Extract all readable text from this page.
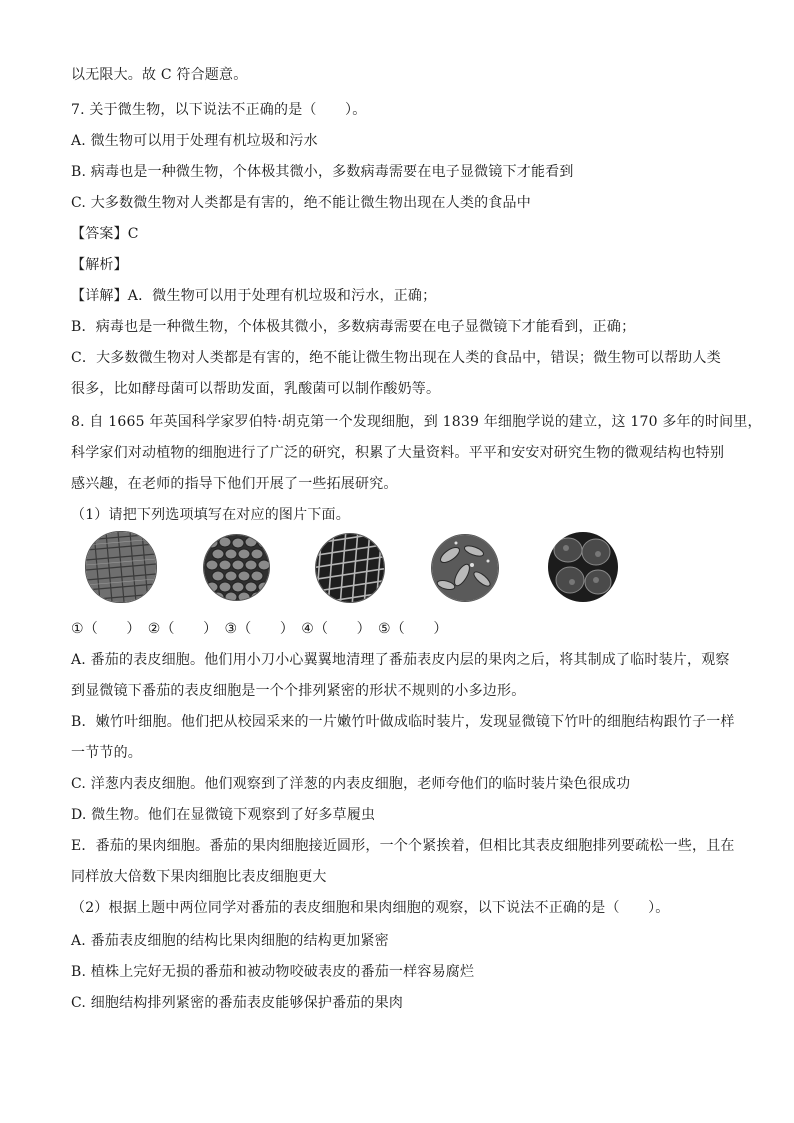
以无限大。故 C 符合题意。
7. 关于微生物，以下说法不正确的是（　　）。
A. 微生物可以用于处理有机垃圾和污水
B. 病毒也是一种微生物，个体极其微小，多数病毒需要在电子显微镜下才能看到
C. 大多数微生物对人类都是有害的，绝不能让微生物出现在人类的食品中
【答案】C
【解析】
【详解】A．微生物可以用于处理有机垃圾和污水，正确；
B．病毒也是一种微生物，个体极其微小，多数病毒需要在电子显微镜下才能看到，正确；
C．大多数微生物对人类都是有害的，绝不能让微生物出现在人类的食品中，错误；微生物可以帮助人类
很多，比如酵母菌可以帮助发面，乳酸菌可以制作酸奶等。
8. 自 1665 年英国科学家罗伯特·胡克第一个发现细胞，到 1839 年细胞学说的建立，这 170 多年的时间里，
科学家们对动植物的细胞进行了广泛的研究，积累了大量资料。平平和安安对研究生物的微观结构也特别
感兴趣，在老师的指导下他们开展了一些拓展研究。
（1）请把下列选项填写在对应的图片下面。
①（　　）　②（　　）　③（　　）　④（　　）　⑤（　　）
A. 番茄的表皮细胞。他们用小刀小心翼翼地清理了番茄表皮内层的果肉之后，将其制成了临时装片，观察
到显微镜下番茄的表皮细胞是一个个排列紧密的形状不规则的小多边形。
B．嫩竹叶细胞。他们把从校园采来的一片嫩竹叶做成临时装片，发现显微镜下竹叶的细胞结构跟竹子一样
一节节的。
C. 洋葱内表皮细胞。他们观察到了洋葱的内表皮细胞，老师夸他们的临时装片染色很成功
D. 微生物。他们在显微镜下观察到了好多草履虫
E．番茄的果肉细胞。番茄的果肉细胞接近圆形，一个个紧挨着，但相比其表皮细胞排列要疏松一些，且在
同样放大倍数下果肉细胞比表皮细胞更大
（2）根据上题中两位同学对番茄的表皮细胞和果肉细胞的观察，以下说法不正确的是（　　）。
A. 番茄表皮细胞的结构比果肉细胞的结构更加紧密
B. 植株上完好无损的番茄和被动物咬破表皮的番茄一样容易腐烂
C. 细胞结构排列紧密的番茄表皮能够保护番茄的果肉
